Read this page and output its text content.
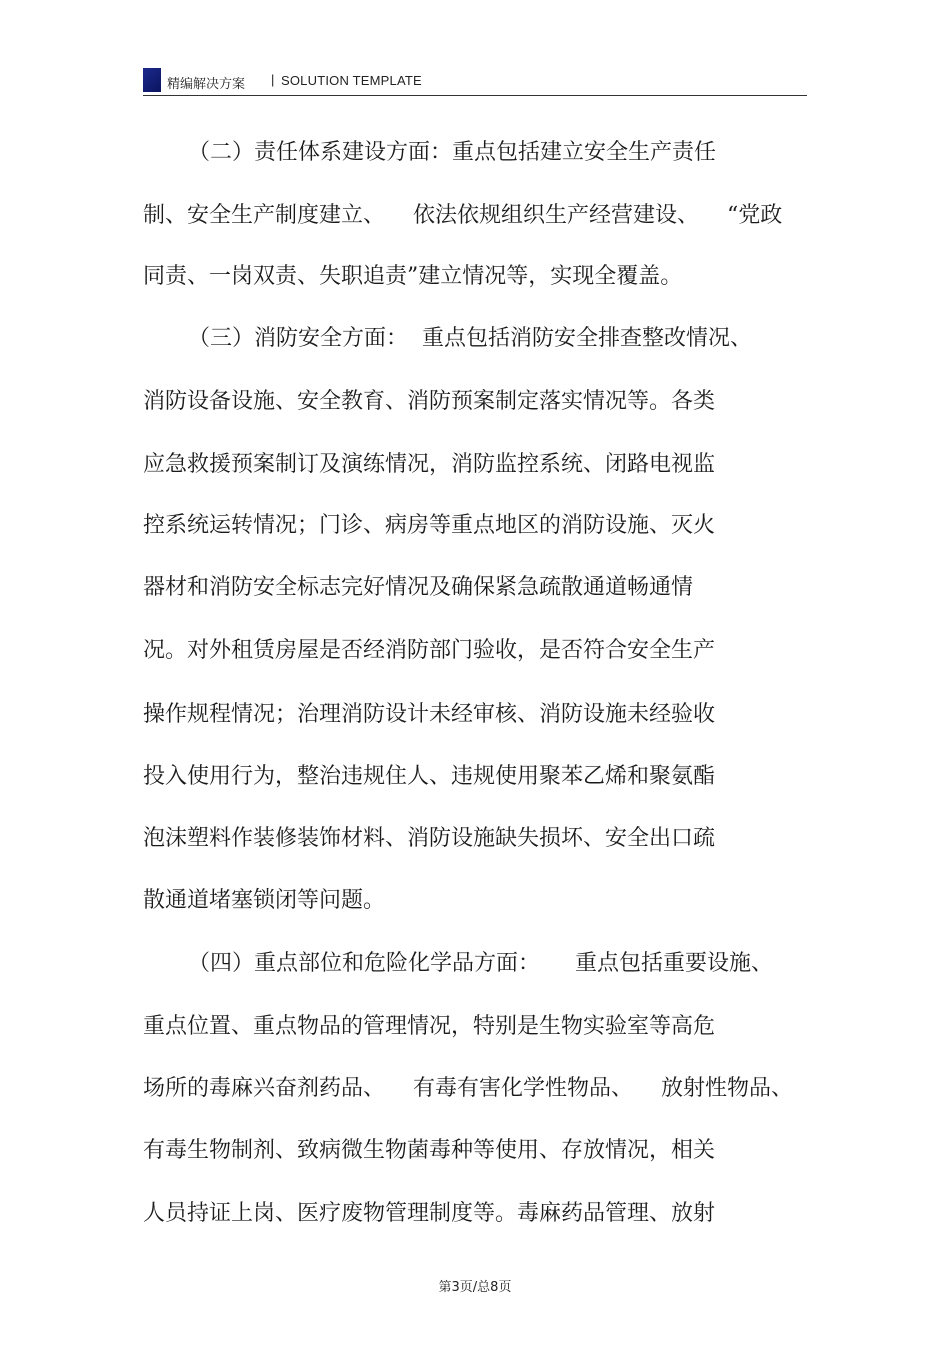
精编解决方案 | SOLUTION TEMPLATE
（二）责任体系建设方面：重点包括建立安全生产责任
制、安全生产制度建立、    依法依规组织生产经营建设、    “党政
同责、一岗双责、失职追责”建立情况等，实现全覆盖。
（三）消防安全方面：  重点包括消防安全排查整改情况、
消防设备设施、安全教育、消防预案制定落实情况等。各类
应急救援预案制订及演练情况，消防监控系统、闭路电视监
控系统运转情况；门诊、病房等重点地区的消防设施、灭火
器材和消防安全标志完好情况及确保紧急疏散通道畅通情
况。对外租赁房屋是否经消防部门验收，是否符合安全生产
操作规程情况；治理消防设计未经审核、消防设施未经验收
投入使用行为，整治违规住人、违规使用聚苯乙烯和聚氨酯
泡沫塑料作装修装饰材料、消防设施缺失损坏、安全出口疏
散通道堵塞锁闭等问题。
（四）重点部位和危险化学品方面：     重点包括重要设施、
重点位置、重点物品的管理情况，特别是生物实验室等高危
场所的毒麻兴奋剂药品、    有毒有害化学性物品、    放射性物品、
有毒生物制剂、致病微生物菌毒种等使用、存放情况，相关
人员持证上岗、医疗废物管理制度等。毒麻药品管理、放射
第3页/总8页
